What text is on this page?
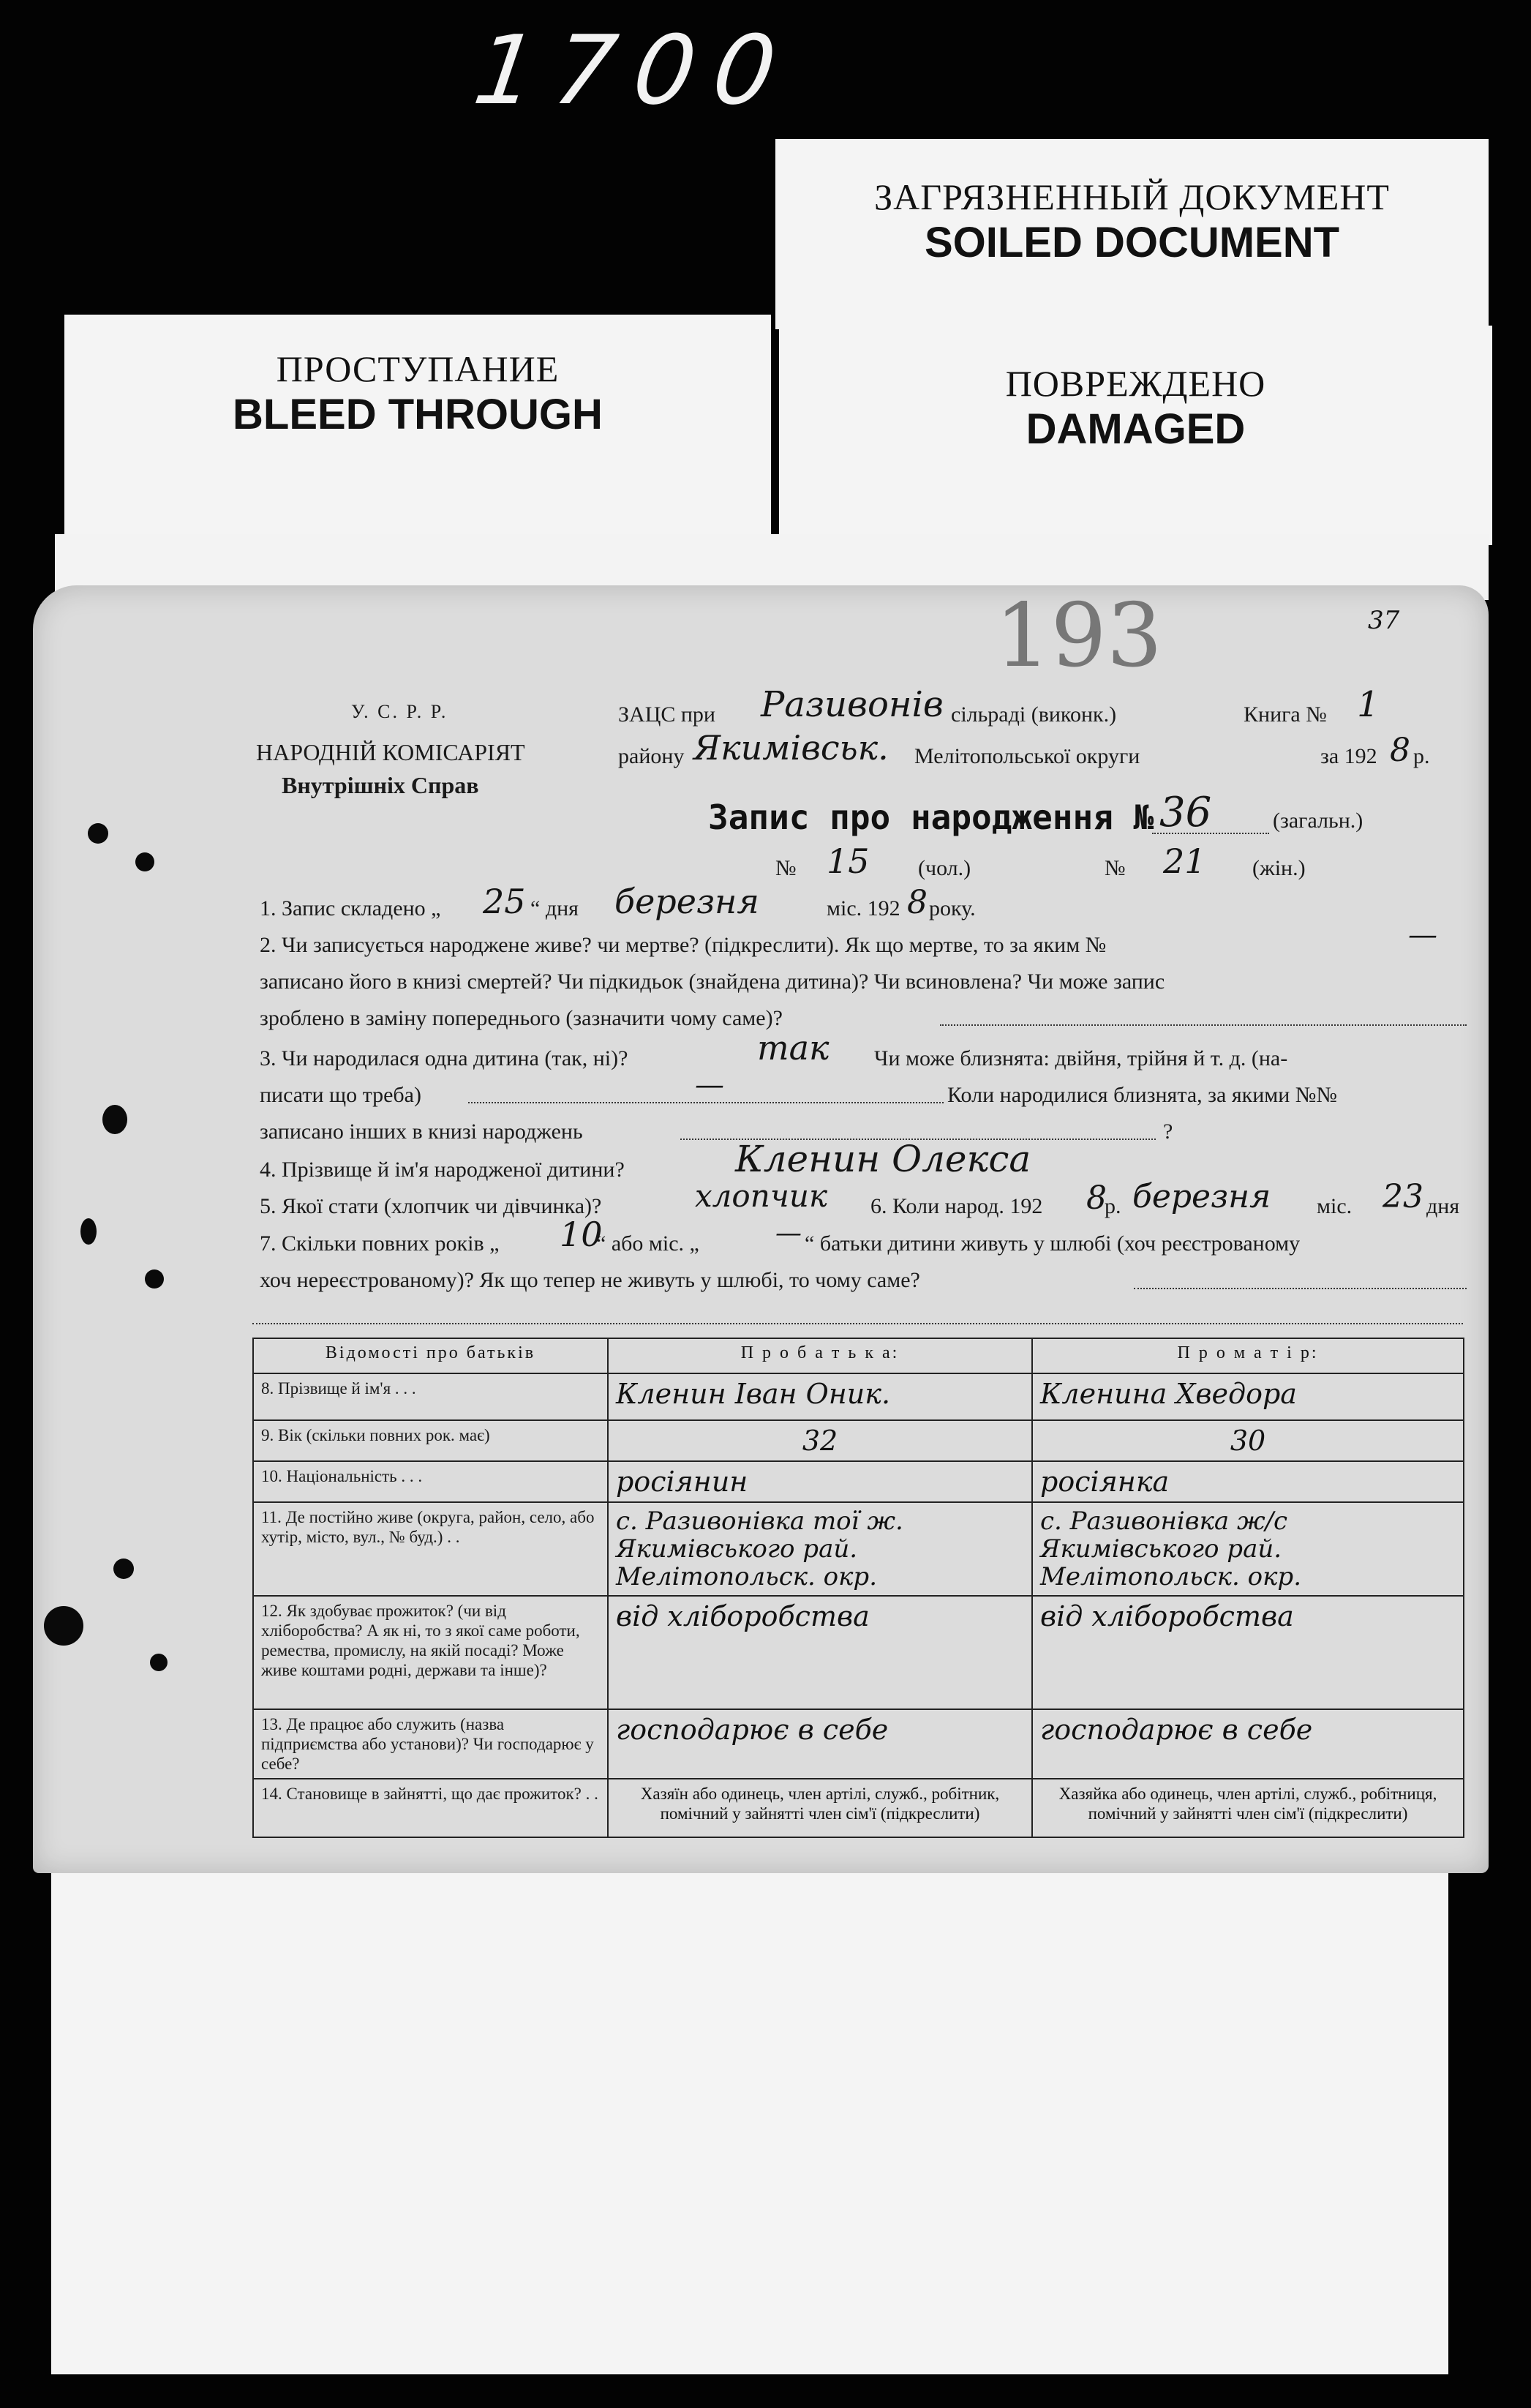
1700
ЗАГРЯЗНЕННЫЙ ДОКУМЕНТ
SOILED DOCUMENT
ПРОСТУПАНИЕ
BLEED THROUGH
ПОВРЕЖДЕНО
DAMAGED
193	37
У. С. Р. Р.
НАРОДНІЙ КОМІСАРІЯТ
Внутрішніх Справ
ЗАЦС при Разивонів сільраді (виконк.)	Книга № 1
району Якимівськ. Мелітопольської округи	за 192 8 р.
Запис про народження № 36	(загальн.)
№ 15 (чол.)	№ 21 (жін.)
1. Запис складено „ 25 “ дня березня	міс. 192 8 року.
2. Чи записується народжене живе? чи мертве? (підкреслити). Як що мертве, то за яким №	—
записано його в книзі смертей? Чи підкидьок (знайдена дитина)? Чи всиновлена? Чи може запис
зроблено в заміну попереднього (зазначити чому саме)?
3. Чи народилася одна дитина (так, ні)?	так Чи може близнята: двійня, трійня й т. д. (на-
писати що треба)	—	Коли народилися близнята, за якими №№
записано інших в книзі народжень	?
4. Прізвище й ім'я народженої дитини?	Кленин Олекса
5. Якої стати (хлопчик чи дівчинка)?	хлопчик 6. Коли народ. 192 8
р. березня міс. 23 дня
7. Скільки повних років „ 10
“ або міс. „	— “ батьки дитини живуть у шлюбі (хоч реєстрованому
хоч нереєстрованому)? Як що тепер не живуть у шлюбі, то чому саме?
Відомості про батьків	П р о б а т ь к а:	П р о м а т і р:
8. Прізвище й ім'я . . .	Кленин Іван Оник.	Кленина Хведора
9. Вік (скільки повних рок. має)	32	30
10. Національність . . .	росіянин	росіянка
11. Де постійно живе (округа, район, село, або хутір, місто, вул., № буд.) . .	с. Разивонівка тої ж. Якимівського рай. Мелітопольск. окр.	с. Разивонівка ж/с Якимівського рай. Мелітопольск. окр.
12. Як здобуває прожиток? (чи від хліборобства? А як ні, то з якої саме роботи, ремества, промислу, на якій посаді? Може живе коштами родні, держави та інше)?	від хліборобства	від хліборобства
13. Де працює або служить (назва підприємства або установи)? Чи господарює у себе?	господарює в себе	господарює в себе
14. Становище в зайнятті, що дає прожиток? . .	Хазяїн або одинець, член артілі, служб., робітник, помічний у зайнятті член сім'ї (підкреслити)	Хазяйка або одинець, член артілі, служб., робітниця, помічний у зайнятті член сім'ї (підкреслити)
